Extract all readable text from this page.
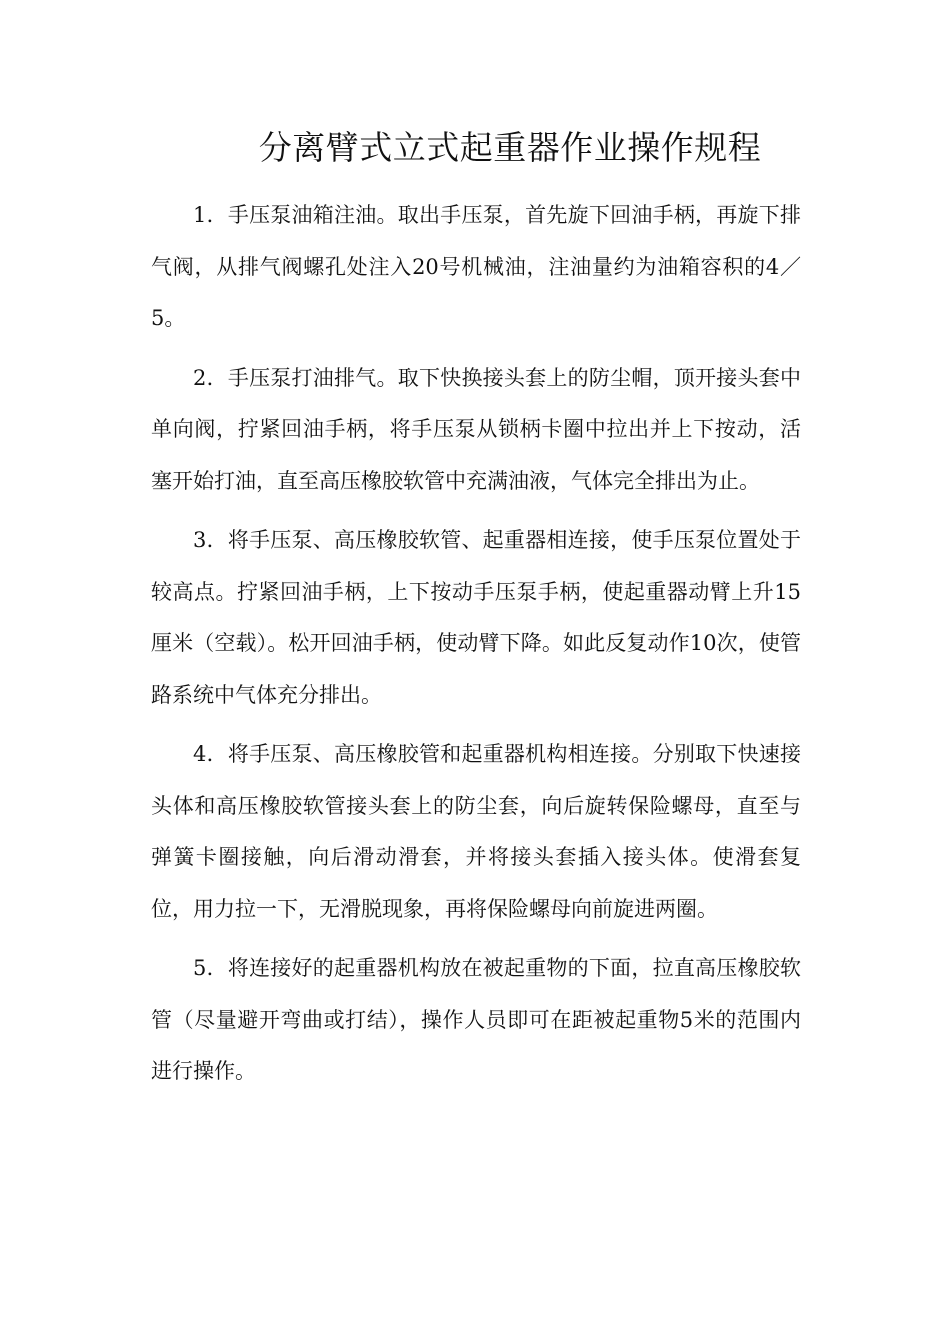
分离臂式立式起重器作业操作规程

1．手压泵油箱注油。取出手压泵，首先旋下回油手柄，再旋下排气阀，从排气阀螺孔处注入20号机械油，注油量约为油箱容积的4／5。

2．手压泵打油排气。取下快换接头套上的防尘帽，顶开接头套中单向阀，拧紧回油手柄，将手压泵从锁柄卡圈中拉出并上下按动，活塞开始打油，直至高压橡胶软管中充满油液，气体完全排出为止。

3．将手压泵、高压橡胶软管、起重器相连接，使手压泵位置处于较高点。拧紧回油手柄，上下按动手压泵手柄，使起重器动臂上升15厘米（空载）。松开回油手柄，使动臂下降。如此反复动作10次，使管路系统中气体充分排出。

4．将手压泵、高压橡胶管和起重器机构相连接。分别取下快速接头体和高压橡胶软管接头套上的防尘套，向后旋转保险螺母，直至与弹簧卡圈接触，向后滑动滑套，并将接头套插入接头体。使滑套复位，用力拉一下，无滑脱现象，再将保险螺母向前旋进两圈。

5．将连接好的起重器机构放在被起重物的下面，拉直高压橡胶软管（尽量避开弯曲或打结），操作人员即可在距被起重物5米的范围内进行操作。
